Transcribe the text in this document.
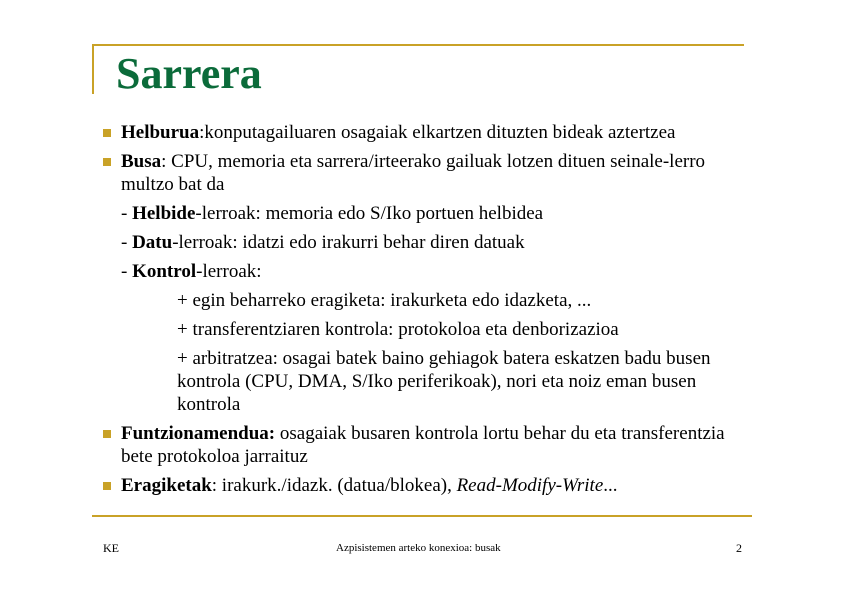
Sarrera
Helburua:konputagailuaren osagaiak elkartzen dituzten bideak aztertzea
Busa: CPU, memoria eta sarrera/irteerako gailuak lotzen dituen seinale-lerro multzo bat da
- Helbide-lerroak: memoria edo S/Iko portuen helbidea
- Datu-lerroak: idatzi edo irakurri behar diren datuak
- Kontrol-lerroak:
+ egin beharreko eragiketa: irakurketa edo idazketa, ...
+ transferentziaren kontrola: protokoloa eta denborizazioa
+ arbitratzea: osagai batek baino gehiagok batera eskatzen badu busen kontrola (CPU, DMA, S/Iko periferikoak), nori eta noiz eman busen kontrola
Funtzionamendua: osagaiak busaren kontrola lortu behar du eta transferentzia bete protokoloa jarraituz
Eragiketak: irakurk./idazk. (datua/blokea), Read-Modify-Write...
KE	Azpisistemen arteko konexioa: busak	2
